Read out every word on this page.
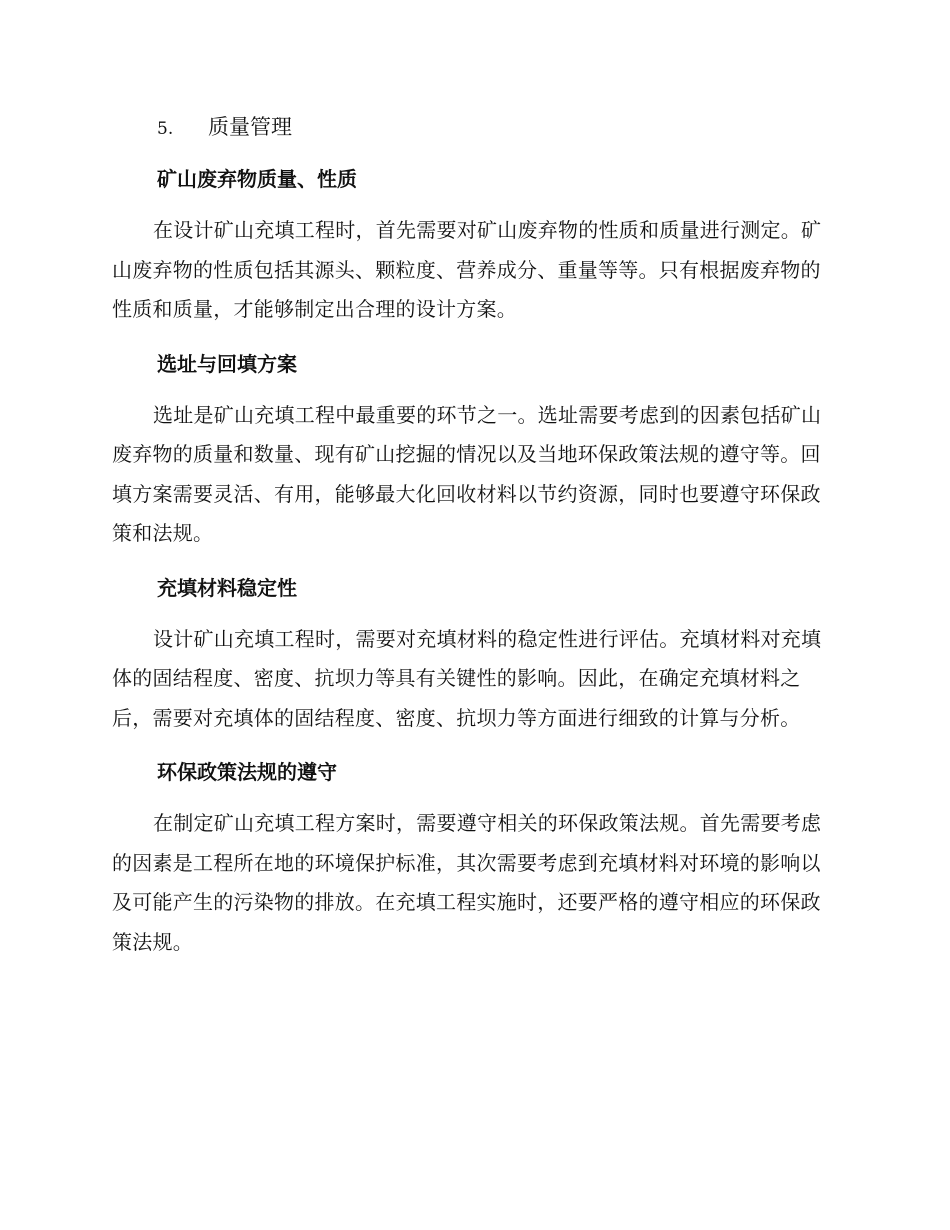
5.	质量管理
矿山废弃物质量、性质

在设计矿山充填工程时，首先需要对矿山废弃物的性质和质量进行测定。矿山废弃物的性质包括其源头、颗粒度、营养成分、重量等等。只有根据废弃物的性质和质量，才能够制定出合理的设计方案。

选址与回填方案

选址是矿山充填工程中最重要的环节之一。选址需要考虑到的因素包括矿山废弃物的质量和数量、现有矿山挖掘的情况以及当地环保政策法规的遵守等。回填方案需要灵活、有用，能够最大化回收材料以节约资源，同时也要遵守环保政策和法规。

充填材料稳定性

设计矿山充填工程时，需要对充填材料的稳定性进行评估。充填材料对充填体的固结程度、密度、抗坝力等具有关键性的影响。因此，在确定充填材料之后，需要对充填体的固结程度、密度、抗坝力等方面进行细致的计算与分析。

环保政策法规的遵守

在制定矿山充填工程方案时，需要遵守相关的环保政策法规。首先需要考虑的因素是工程所在地的环境保护标准，其次需要考虑到充填材料对环境的影响以及可能产生的污染物的排放。在充填工程实施时，还要严格的遵守相应的环保政策法规。
